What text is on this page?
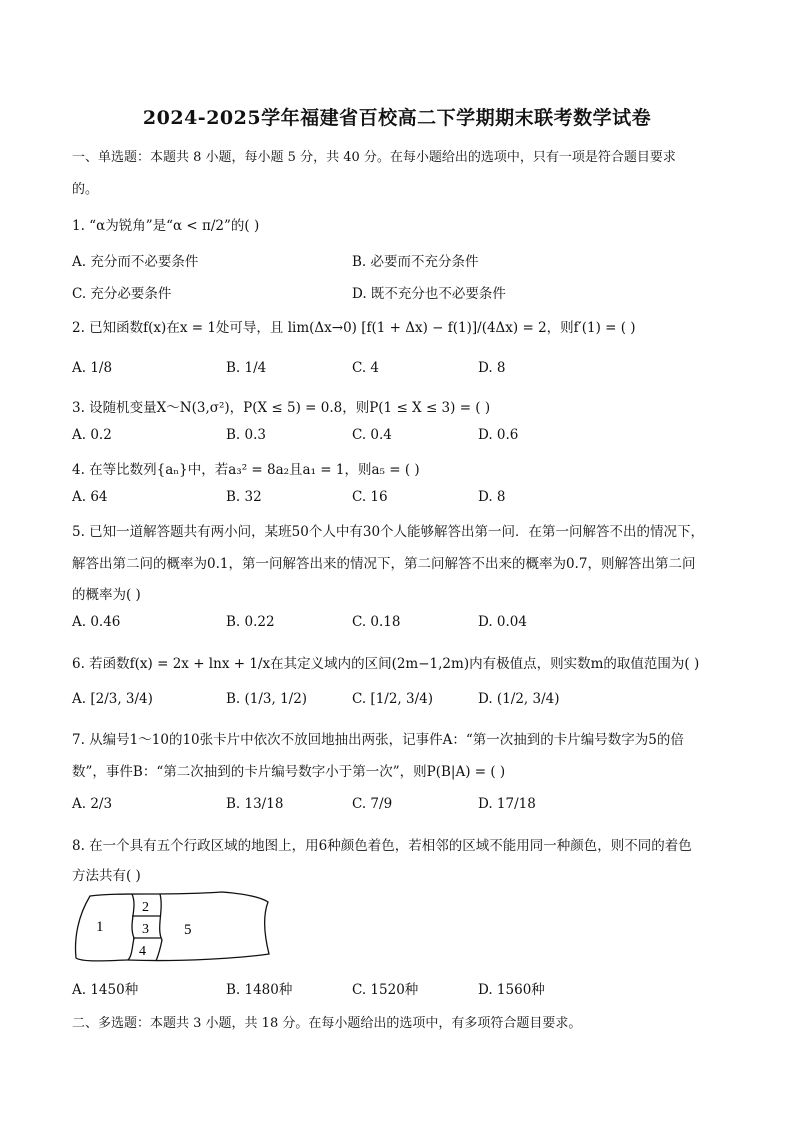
2024-2025学年福建省百校高二下学期期末联考数学试卷
一、单选题：本题共 8 小题，每小题 5 分，共 40 分。在每小题给出的选项中，只有一项是符合题目要求
的。
1. “α为锐角”是“α < π/2”的( )
A. 充分而不必要条件	B. 必要而不充分条件
C. 充分必要条件	D. 既不充分也不必要条件
2. 已知函数f(x)在x = 1处可导，且 lim(Δx→0) [f(1 + Δx) − f(1)]/(4Δx) = 2，则f′(1) = ( )
A. 1/8	B. 1/4	C. 4	D. 8
3. 设随机变量X～N(3,σ²)，P(X ≤ 5) = 0.8，则P(1 ≤ X ≤ 3) = ( )
A. 0.2	B. 0.3	C. 0.4	D. 0.6
4. 在等比数列{aₙ}中，若a₃² = 8a₂且a₁ = 1，则a₅ = ( )
A. 64	B. 32	C. 16	D. 8
5. 已知一道解答题共有两小问，某班50个人中有30个人能够解答出第一问．在第一问解答不出的情况下，
解答出第二问的概率为0.1，第一问解答出来的情况下，第二问解答不出来的概率为0.7，则解答出第二问
的概率为( )
A. 0.46	B. 0.22	C. 0.18	D. 0.04
6. 若函数f(x) = 2x + lnx + 1/x在其定义域内的区间(2m−1,2m)内有极值点，则实数m的取值范围为( )
A. [2/3, 3/4)	B. (1/3, 1/2)	C. [1/2, 3/4)	D. (1/2, 3/4)
7. 从编号1～10的10张卡片中依次不放回地抽出两张，记事件A：“第一次抽到的卡片编号数字为5的倍
数”，事件B：“第二次抽到的卡片编号数字小于第一次”，则P(B|A) = ( )
A. 2/3	B. 13/18	C. 7/9	D. 17/18
8. 在一个具有五个行政区域的地图上，用6种颜色着色，若相邻的区域不能用同一种颜色，则不同的着色
方法共有( )
1
2
3
4
5
A. 1450种	B. 1480种	C. 1520种	D. 1560种
二、多选题：本题共 3 小题，共 18 分。在每小题给出的选项中，有多项符合题目要求。
